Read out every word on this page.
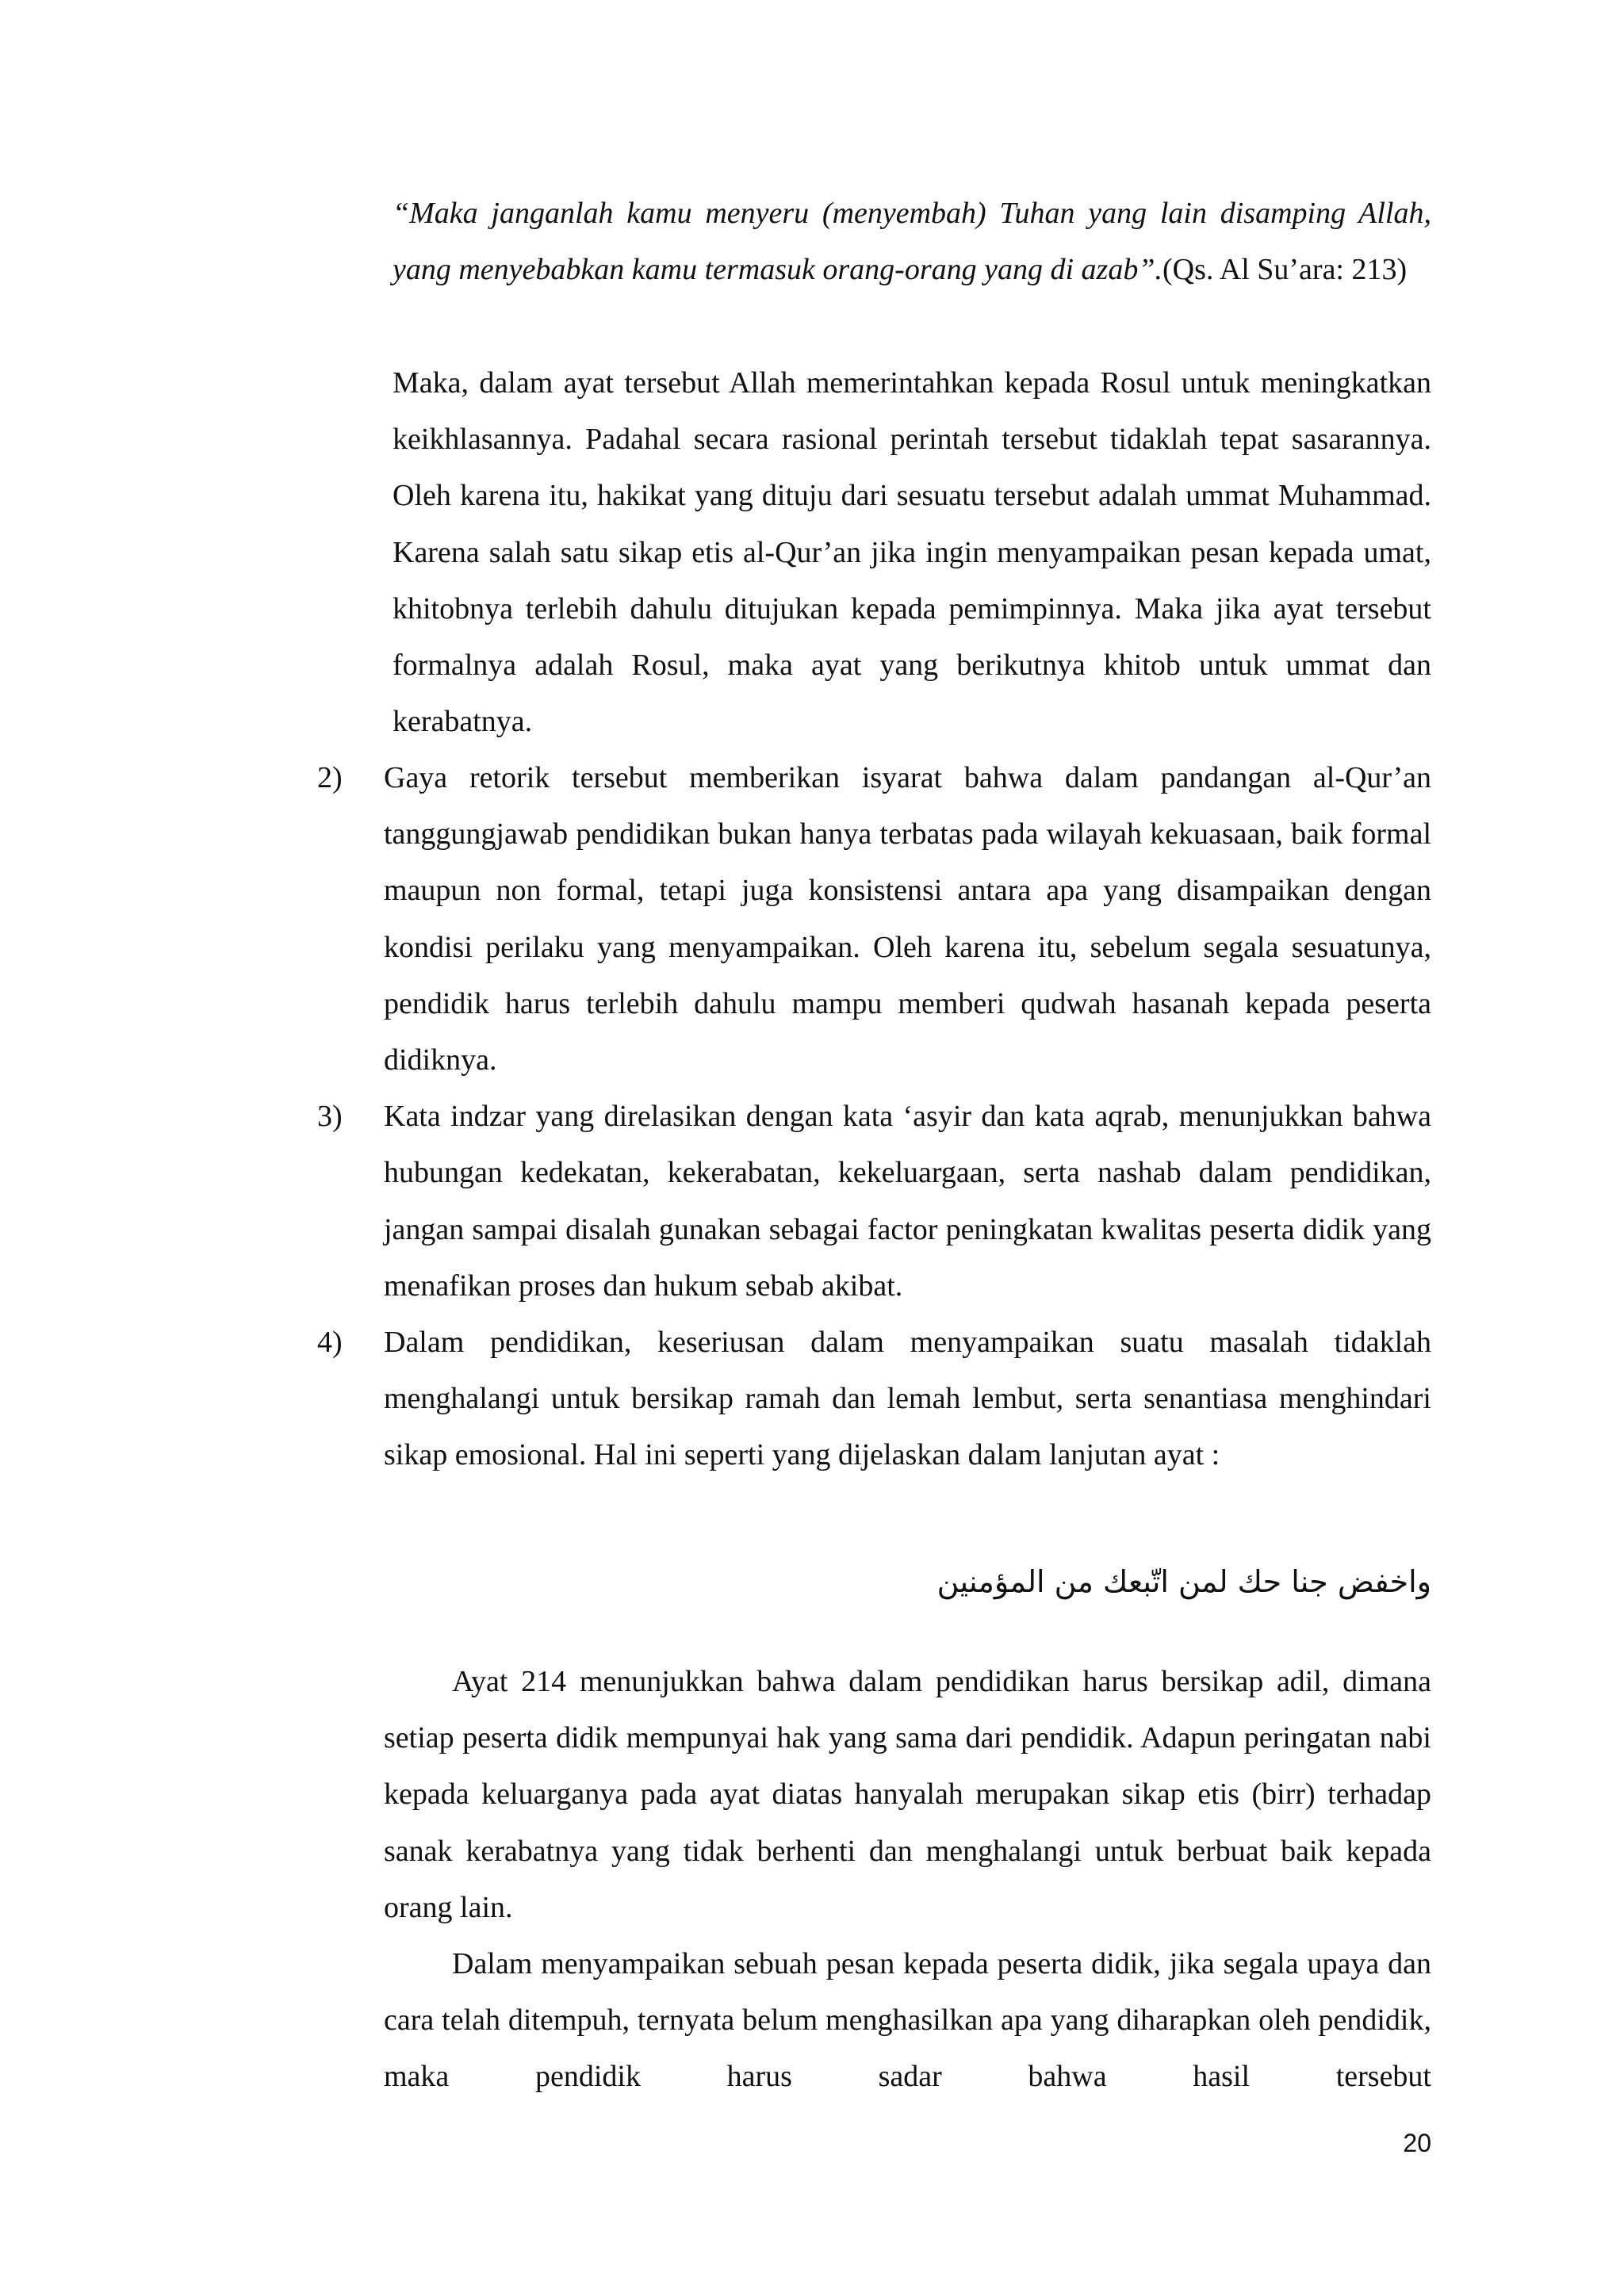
“Maka janganlah kamu menyeru (menyembah) Tuhan yang lain disamping Allah, yang menyebabkan kamu termasuk orang-orang yang di azab”.(Qs. Al Su’ara: 213)

Maka, dalam ayat tersebut Allah memerintahkan kepada Rosul untuk meningkatkan keikhlasannya. Padahal secara rasional perintah tersebut tidaklah tepat sasarannya. Oleh karena itu, hakikat yang dituju dari sesuatu tersebut adalah ummat Muhammad. Karena salah satu sikap etis al-Qur’an jika ingin menyampaikan pesan kepada umat, khitobnya terlebih dahulu ditujukan kepada pemimpinnya. Maka jika ayat tersebut formalnya adalah Rosul, maka ayat yang berikutnya khitob untuk ummat dan kerabatnya.

2) Gaya retorik tersebut memberikan isyarat bahwa dalam pandangan al-Qur’an tanggungjawab pendidikan bukan hanya terbatas pada wilayah kekuasaan, baik formal maupun non formal, tetapi juga konsistensi antara apa yang disampaikan dengan kondisi perilaku yang menyampaikan. Oleh karena itu, sebelum segala sesuatunya, pendidik harus terlebih dahulu mampu memberi qudwah hasanah kepada peserta didiknya.
3) Kata indzar yang direlasikan dengan kata ‘asyir dan kata aqrab, menunjukkan bahwa hubungan kedekatan, kekerabatan, kekeluargaan, serta nashab dalam pendidikan, jangan sampai disalah gunakan sebagai factor peningkatan kwalitas peserta didik yang menafikan proses dan hukum sebab akibat.
4) Dalam pendidikan, keseriusan dalam menyampaikan suatu masalah tidaklah menghalangi untuk bersikap ramah dan lemah lembut, serta senantiasa menghindari sikap emosional. Hal ini seperti yang dijelaskan dalam lanjutan ayat :
واخفض جنا حك لمن اتّبعك من المؤمنين

Ayat 214 menunjukkan bahwa dalam pendidikan harus bersikap adil, dimana setiap peserta didik mempunyai hak yang sama dari pendidik. Adapun peringatan nabi kepada keluarganya pada ayat diatas hanyalah merupakan sikap etis (birr) terhadap sanak kerabatnya yang tidak berhenti dan menghalangi untuk berbuat baik kepada orang lain.

Dalam menyampaikan sebuah pesan kepada peserta didik, jika segala upaya dan cara telah ditempuh, ternyata belum menghasilkan apa yang diharapkan oleh pendidik, maka pendidik harus sadar bahwa hasil tersebut

20
